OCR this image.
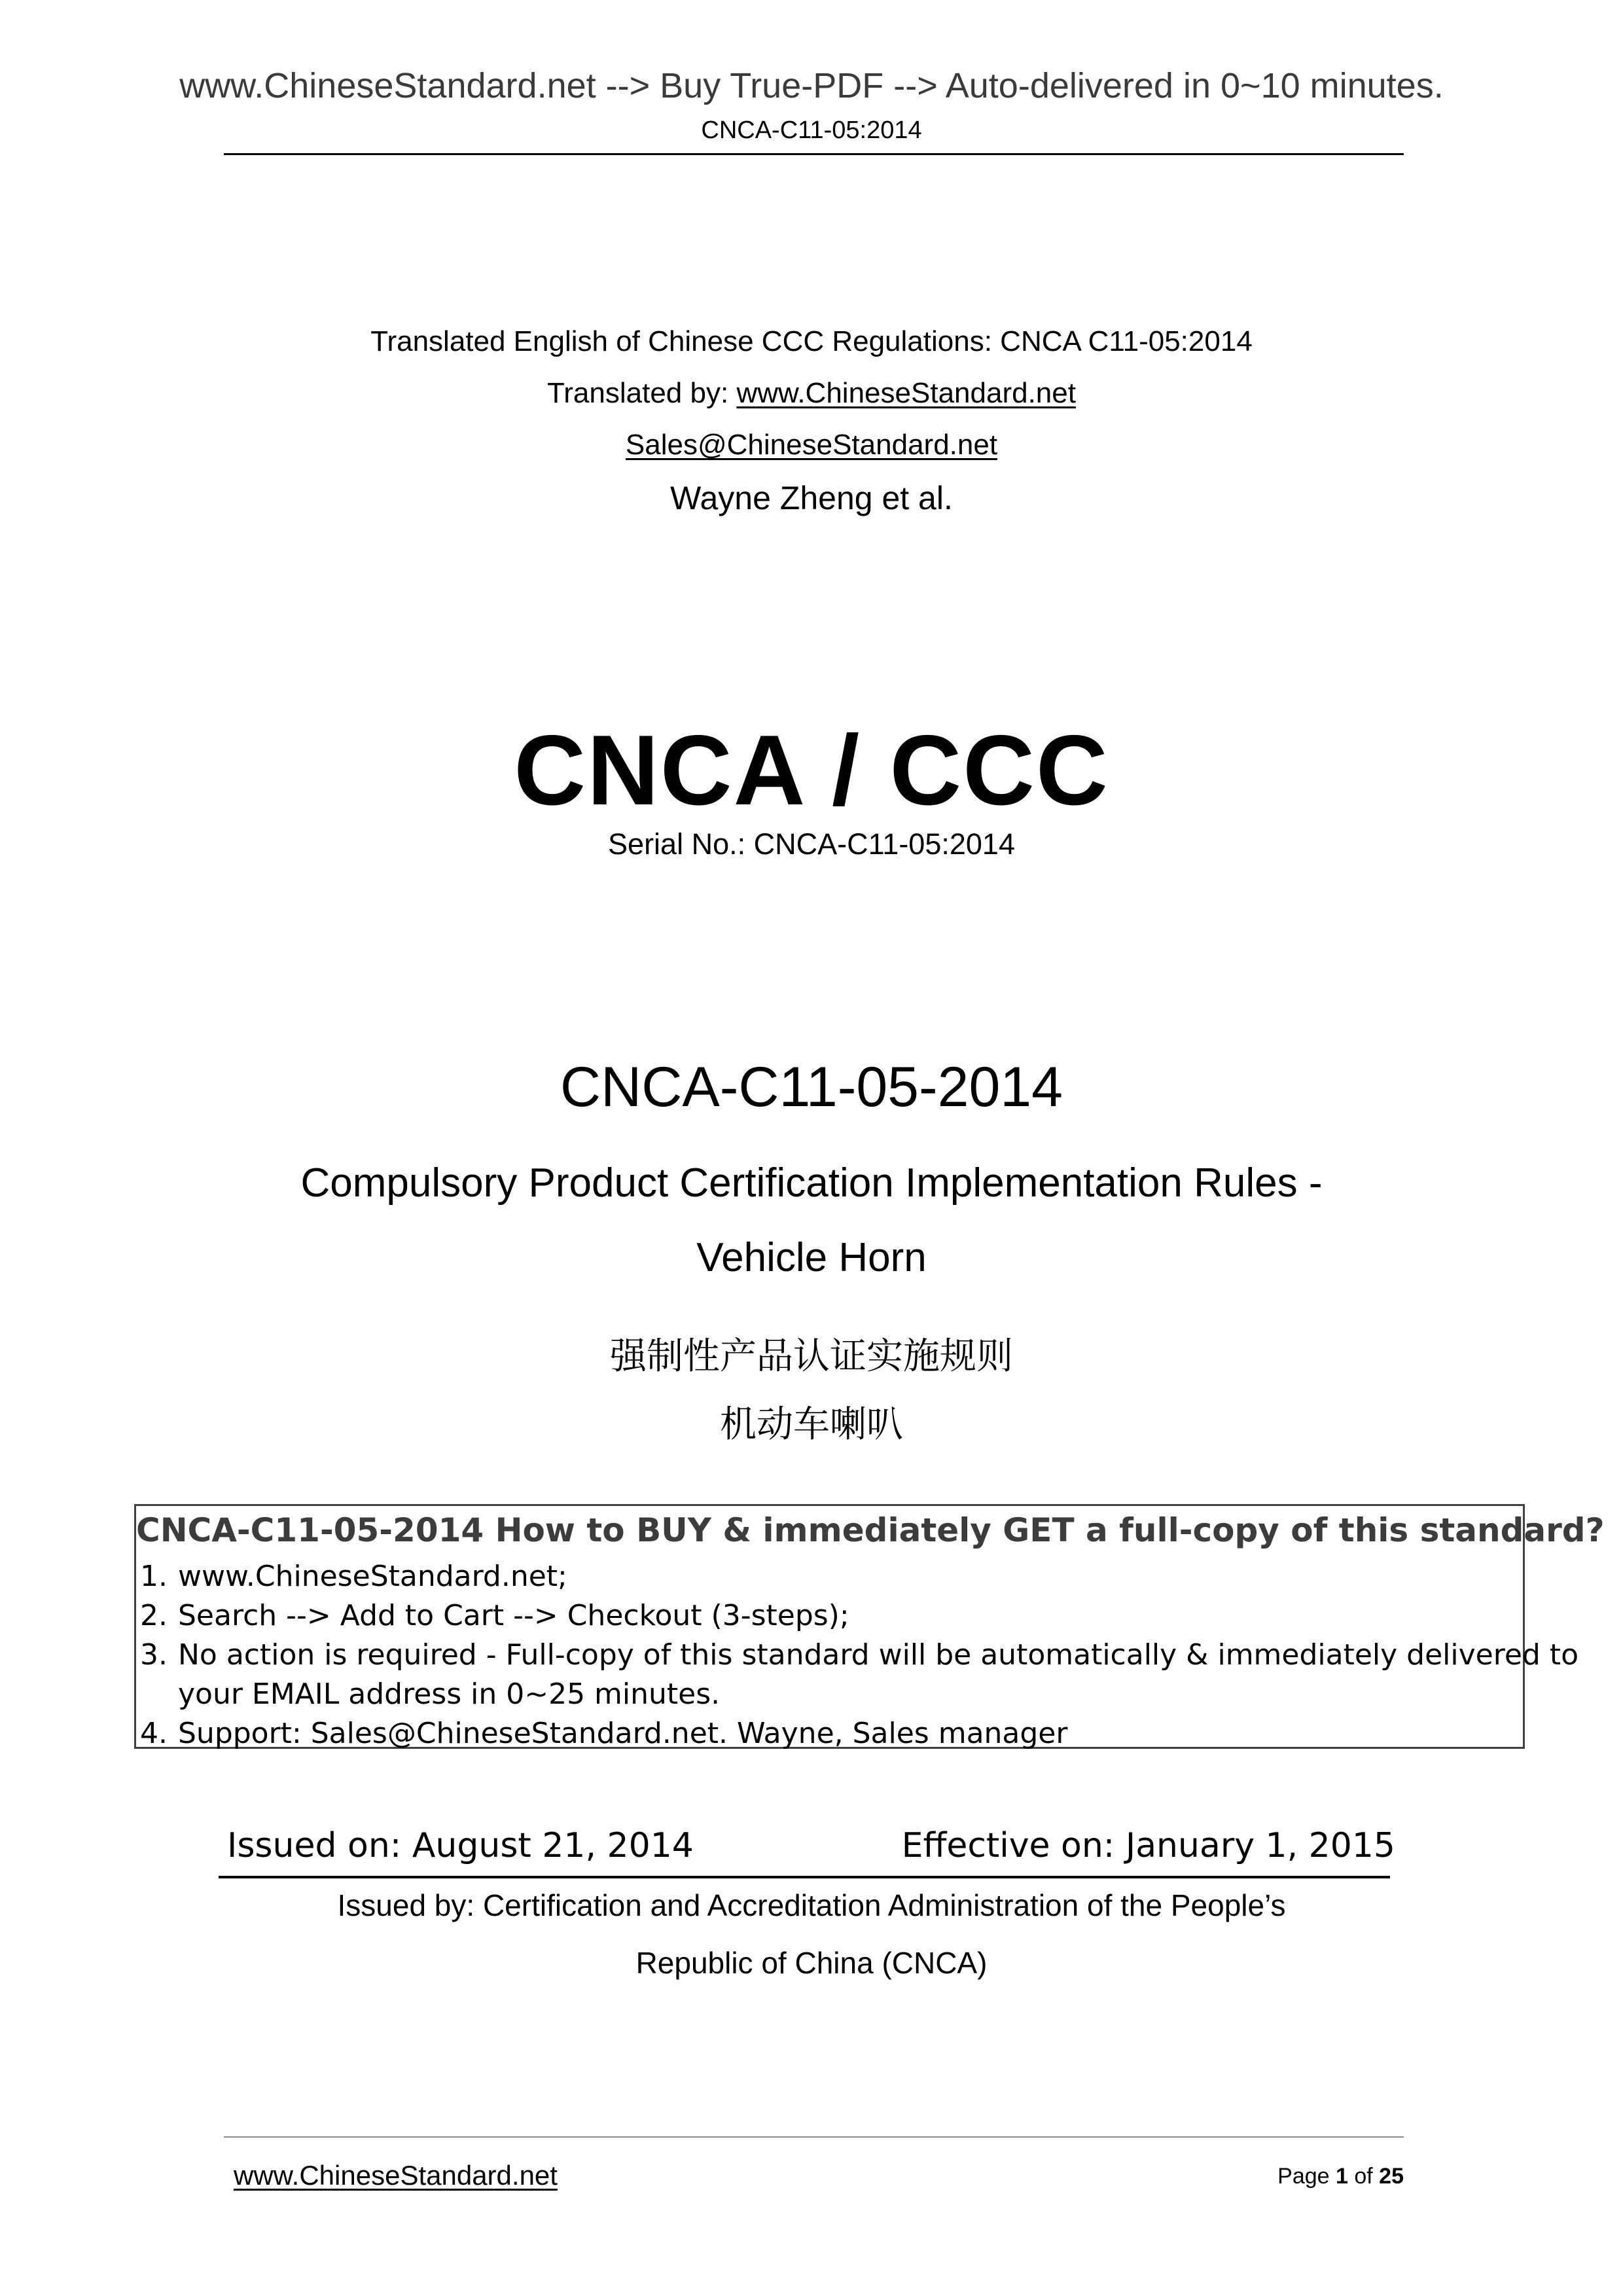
www.ChineseStandard.net --> Buy True-PDF --> Auto-delivered in 0~10 minutes.
CNCA-C11-05:2014
Translated English of Chinese CCC Regulations: CNCA C11-05:2014
Translated by: www.ChineseStandard.net
Sales@ChineseStandard.net
Wayne Zheng et al.
CNCA / CCC
Serial No.: CNCA-C11-05:2014
CNCA-C11-05-2014
Compulsory Product Certification Implementation Rules -
Vehicle Horn
强制性产品认证实施规则
机动车喇叭
CNCA-C11-05-2014 How to BUY & immediately GET a full-copy of this standard?
1. www.ChineseStandard.net;
2. Search --> Add to Cart --> Checkout (3-steps);
3. No action is required - Full-copy of this standard will be automatically & immediately delivered to
your EMAIL address in 0~25 minutes.
4. Support: Sales@ChineseStandard.net. Wayne, Sales manager
Issued on: August 21, 2014	Effective on: January 1, 2015
Issued by: Certification and Accreditation Administration of the People’s
Republic of China (CNCA)
www.ChineseStandard.net	Page 1 of 25
